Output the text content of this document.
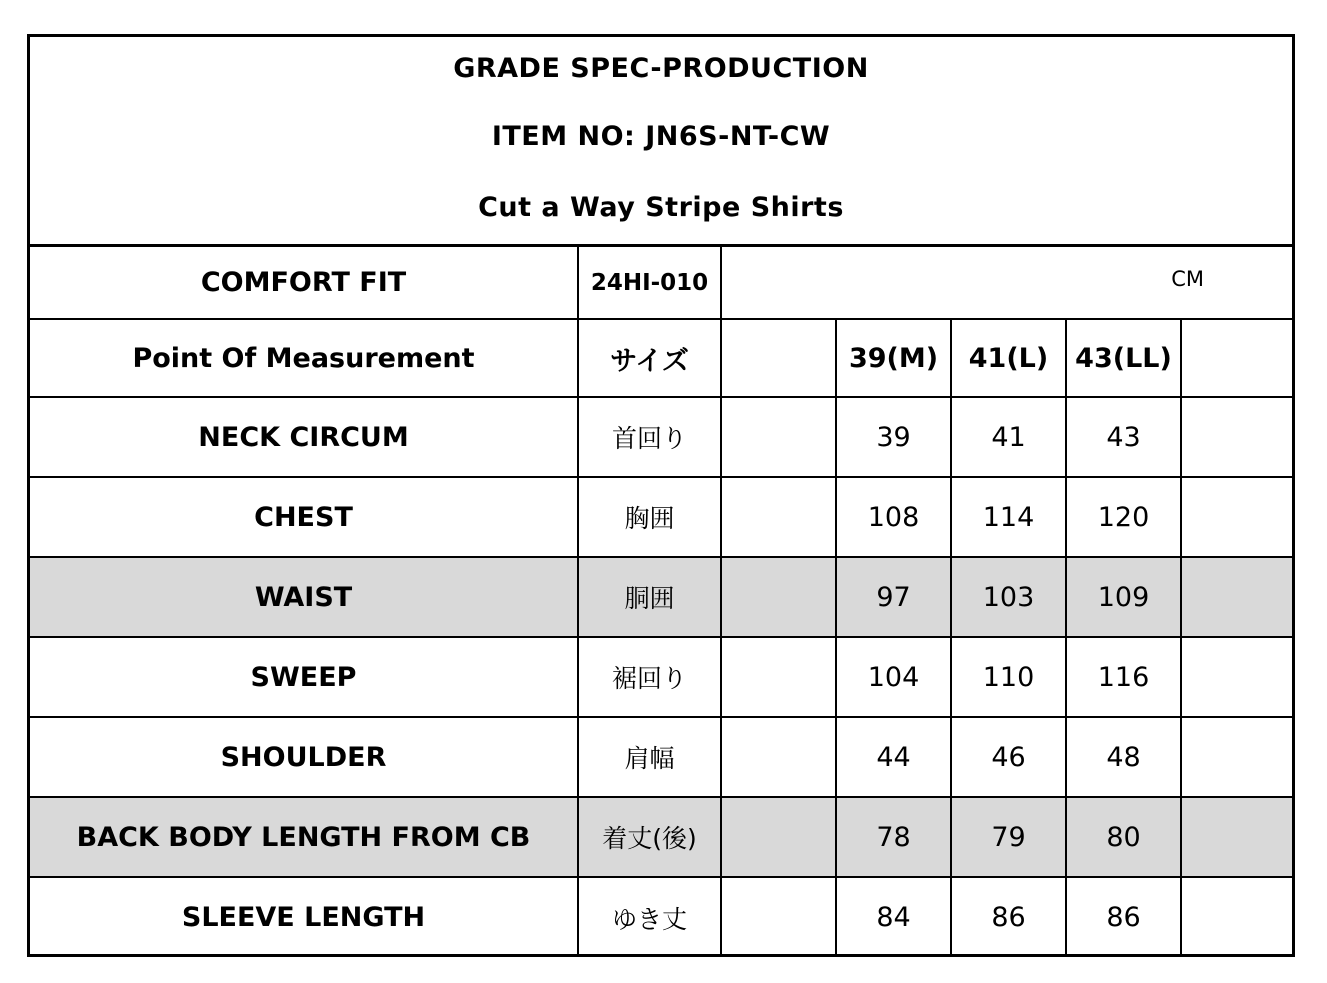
GRADE SPEC-PRODUCTION
ITEM NO: JN6S-NT-CW
Cut a Way Stripe Shirts
COMFORT FIT	24HI-010	CM				
Point Of Measurement	サイズ		39(M)	41(L)	43(LL)	
NECK CIRCUM	首回り		39	41	43	
CHEST	胸囲		108	114	120	
WAIST	胴囲		97	103	109	
SWEEP	裾回り		104	110	116	
SHOULDER	肩幅		44	46	48	
BACK BODY LENGTH FROM CB	着丈(後)		78	79	80	
SLEEVE LENGTH	ゆき丈		84	86	86	
